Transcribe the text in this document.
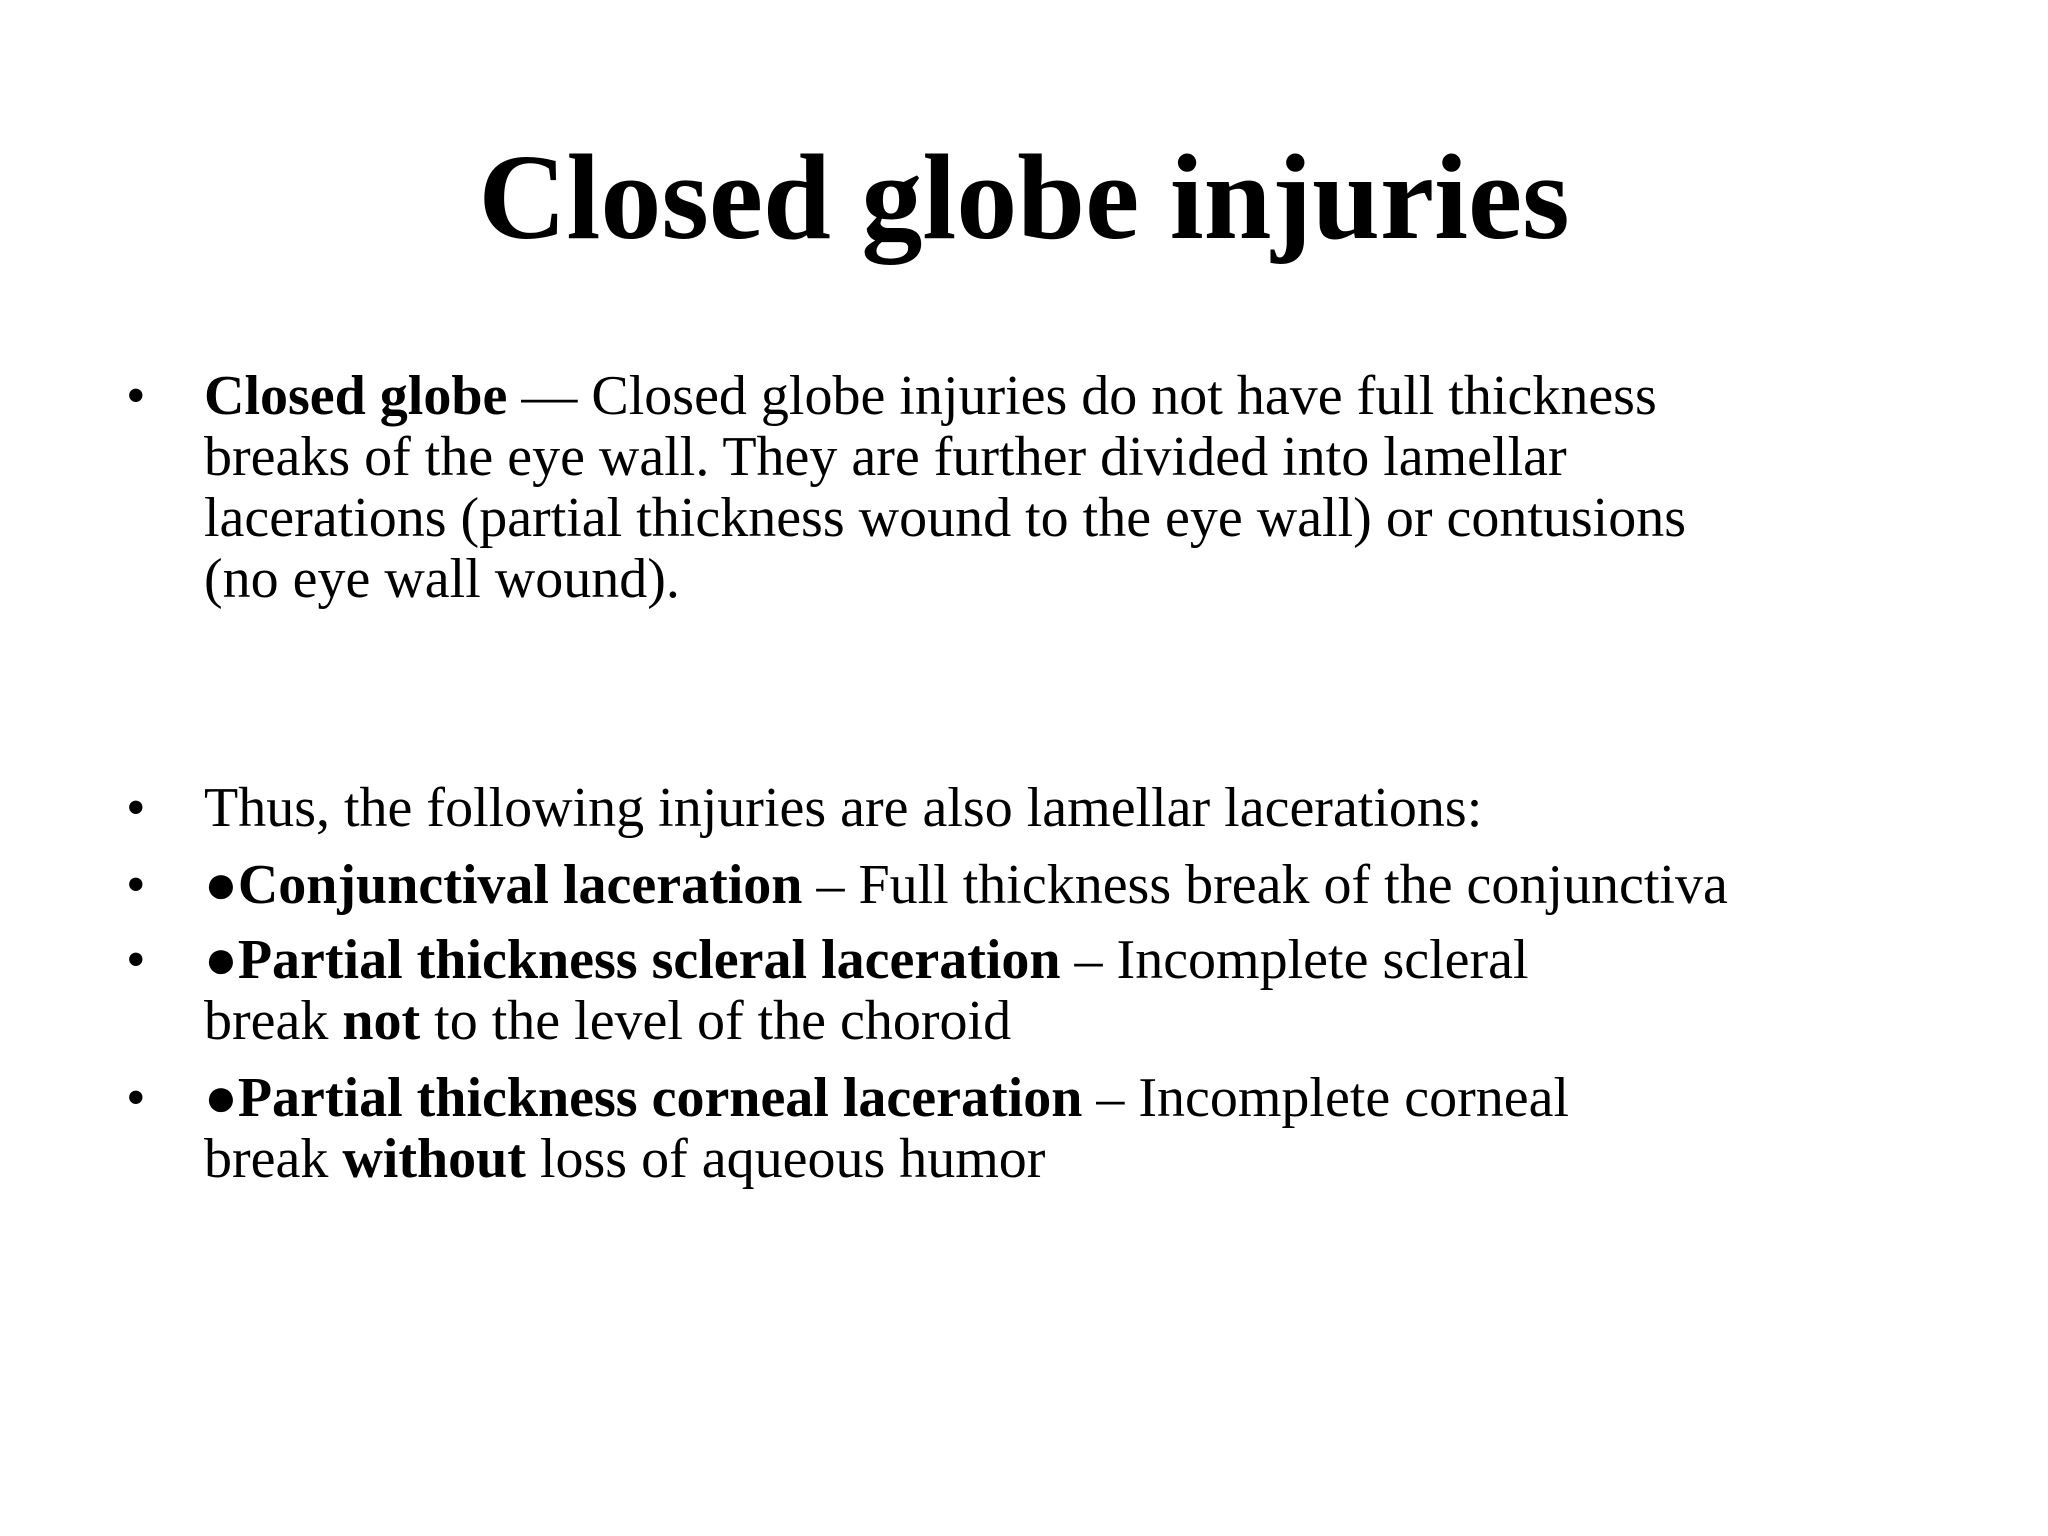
Closed globe injuries
• Closed globe — Closed globe injuries do not have full thickness
breaks of the eye wall. They are further divided into lamellar
lacerations (partial thickness wound to the eye wall) or contusions
(no eye wall wound).
• Thus, the following injuries are also lamellar lacerations:
• ●Conjunctival laceration – Full thickness break of the conjunctiva
• ●Partial thickness scleral laceration – Incomplete scleral
break not to the level of the choroid
• ●Partial thickness corneal laceration – Incomplete corneal
break without loss of aqueous humor
